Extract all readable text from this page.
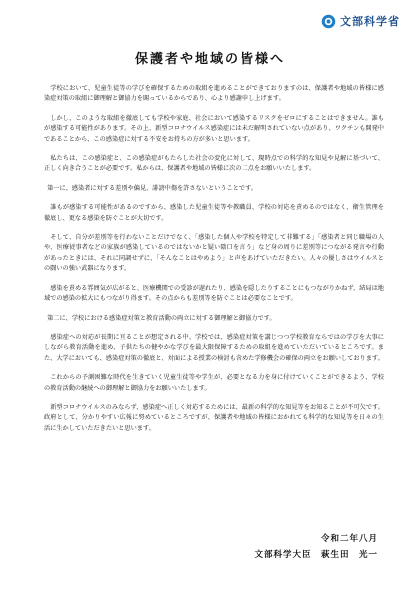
文部科学省
保護者や地域の皆様へ

学校において、児童生徒等の学びを確保するための取組を進めることができておりますのは、保護者や地域の皆様に感染症対策の取組に御理解と御協力を賜っているからであり、心より感謝申し上げます。

しかし、このような取組を徹底しても学校や家庭、社会において感染するリスクをゼロにすることはできません。誰もが感染する可能性があります。その上、新型コロナウイルス感染症には未だ解明されていない点があり、ワクチンも開発中であることから、この感染症に対する不安をお持ちの方が多いと思います。

私たちは、この感染症と、この感染症がもたらした社会の変化に対して、現時点での科学的な知見や見解に基づいて、正しく向き合うことが必要です。私からは、保護者や地域の皆様に次の二点をお願いいたします。

第一に、感染者に対する差別や偏見、誹謗中傷を許さないということです。

誰もが感染する可能性があるのですから、感染した児童生徒等や教職員、学校の対応を責めるのではなく、衛生管理を徹底し、更なる感染を防ぐことが大切です。

そして、自分が差別等を行わないことだけでなく、「感染した個人や学校を特定して非難する」「感染者と同じ職場の人や、医療従事者などの家族が感染しているのではないかと疑い陰口を言う」など身の周りに差別等につながる発言や行動があったときには、それに同調せずに、「そんなことはやめよう」と声をあげていただきたい。人々の優しさはウイルスとの闘いの強い武器になります。

感染を責める雰囲気が広がると、医療機関での受診が遅れたり、感染を隠したりすることにもつながりかねず、結局は地域での感染の拡大にもつながり得ます。その点からも差別等を防ぐことは必要なことです。

第二に、学校における感染症対策と教育活動の両立に対する御理解と御協力です。

感染症への対応が長期に亘ることが想定される中、学校では、感染症対策を講じつつ学校教育ならではの学びを大事にしながら教育活動を進め、子供たちの健やかな学びを最大限保障するための取組を進めていただいているところです。また、大学においても、感染症対策の徹底と、対面による授業の検討も含めた学修機会の確保の両立をお願いしております。

これからの予測困難な時代を生きていく児童生徒等や学生が、必要となる力を身に付けていくことができるよう、学校の教育活動の継続への御理解と御協力をお願いいたします。

新型コロナウイルスのみならず、感染症へ正しく対応するためには、最新の科学的な知見等をお知ることが不可欠です。政府として、分かりやすい広報に努めているところですが、保護者や地域の皆様におかれても科学的な知見等を日々の生活に生かしていただきたいと思います。

令和二年八月
文部科学大臣　萩生田　光一
